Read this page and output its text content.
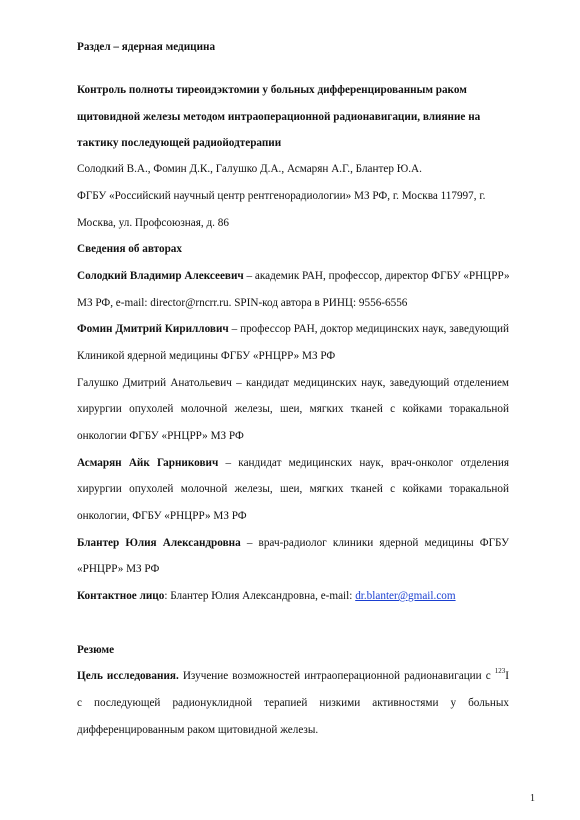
Раздел – ядерная медицина

Контроль полноты тиреоидэктомии у больных дифференцированным раком

щитовидной железы методом интраоперационной радионавигации, влияние на

тактику последующей радиойодтерапии

Солодкий В.А., Фомин Д.К., Галушко Д.А., Асмарян А.Г., Блантер Ю.А.

ФГБУ «Российский научный центр рентгенорадиологии» МЗ РФ, г. Москва 117997, г.

Москва, ул. Профсоюзная, д. 86

Сведения об авторах

Солодкий Владимир Алексеевич – академик РАН, профессор, директор ФГБУ «РНЦРР»

МЗ РФ, e-mail: director@rncrr.ru. SPIN-код автора в РИНЦ: 9556-6556

Фомин Дмитрий Кириллович – профессор РАН, доктор медицинских наук, заведующий

Клиникой ядерной медицины ФГБУ «РНЦРР» МЗ РФ

Галушко Дмитрий Анатольевич – кандидат медицинских наук, заведующий отделением

хирургии опухолей молочной железы, шеи, мягких тканей с койками торакальной

онкологии ФГБУ «РНЦРР» МЗ РФ

Асмарян Айк Гарникович – кандидат медицинских наук, врач-онколог отделения

хирургии опухолей молочной железы, шеи, мягких тканей с койками торакальной

онкологии, ФГБУ «РНЦРР» МЗ РФ

Блантер Юлия Александровна – врач-радиолог клиники ядерной медицины ФГБУ

«РНЦРР» МЗ РФ

Контактное лицо: Блантер Юлия Александровна, e-mail: dr.blanter@gmail.com

Резюме

Цель исследования. Изучение возможностей интраоперационной радионавигации с $^{123}$I

с последующей радионуклидной терапией низкими активностями у больных

дифференцированным раком щитовидной железы.

1
